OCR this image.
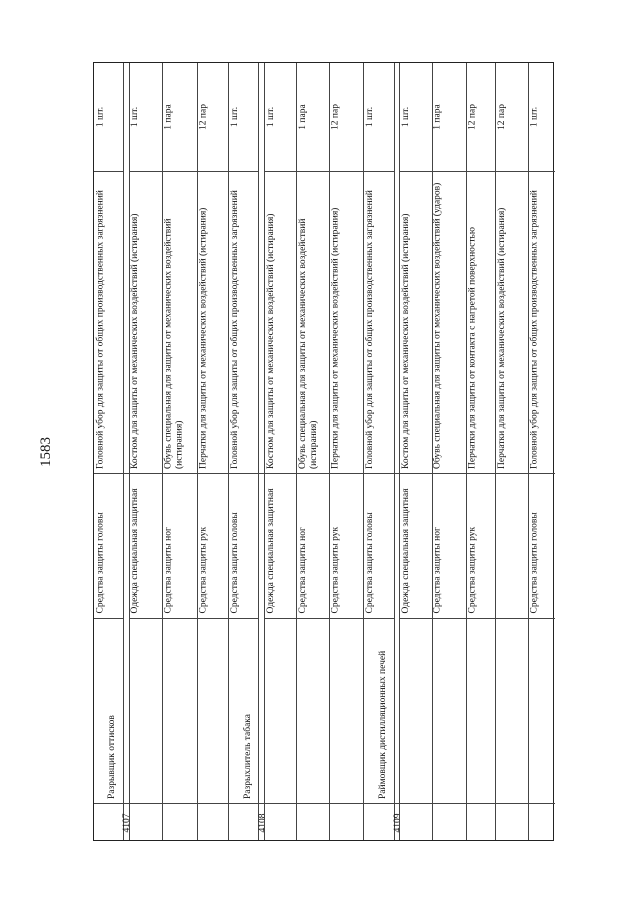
1583
Средства защиты головы
Головной убор для защиты от общих производственных загрязнений
1 шт.
4107
Разрывщик оттисков
Одежда специальная защитная
Костюм для защиты от механических воздействий (истирания)
1 шт.
Средства защиты ног
Обувь специальная для защиты от механических воздействий (истирания)
1 пара
Средства защиты рук
Перчатки для защиты от механических воздействий (истирания)
12 пар
Средства защиты головы
Головной убор для защиты от общих производственных загрязнений
1 шт.
4108
Разрыхлитель табака
Одежда специальная защитная
Костюм для защиты от механических воздействий (истирания)
1 шт.
Средства защиты ног
Обувь специальная для защиты от механических воздействий (истирания)
1 пара
Средства защиты рук
Перчатки для защиты от механических воздействий (истирания)
12 пар
Средства защиты головы
Головной убор для защиты от общих производственных загрязнений
1 шт.
4109
Раймовщик дистилляционных печей
Одежда специальная защитная
Костюм для защиты от механических воздействий (истирания)
1 шт.
Средства защиты ног
Обувь специальная для защиты от механических воздействий (ударов)
1 пара
Средства защиты рук
Перчатки для защиты от контакта с нагретой поверхностью
12 пар
Перчатки для защиты от механических воздействий (истирания)
12 пар
Средства защиты головы
Головной убор для защиты от общих производственных загрязнений
1 шт.
